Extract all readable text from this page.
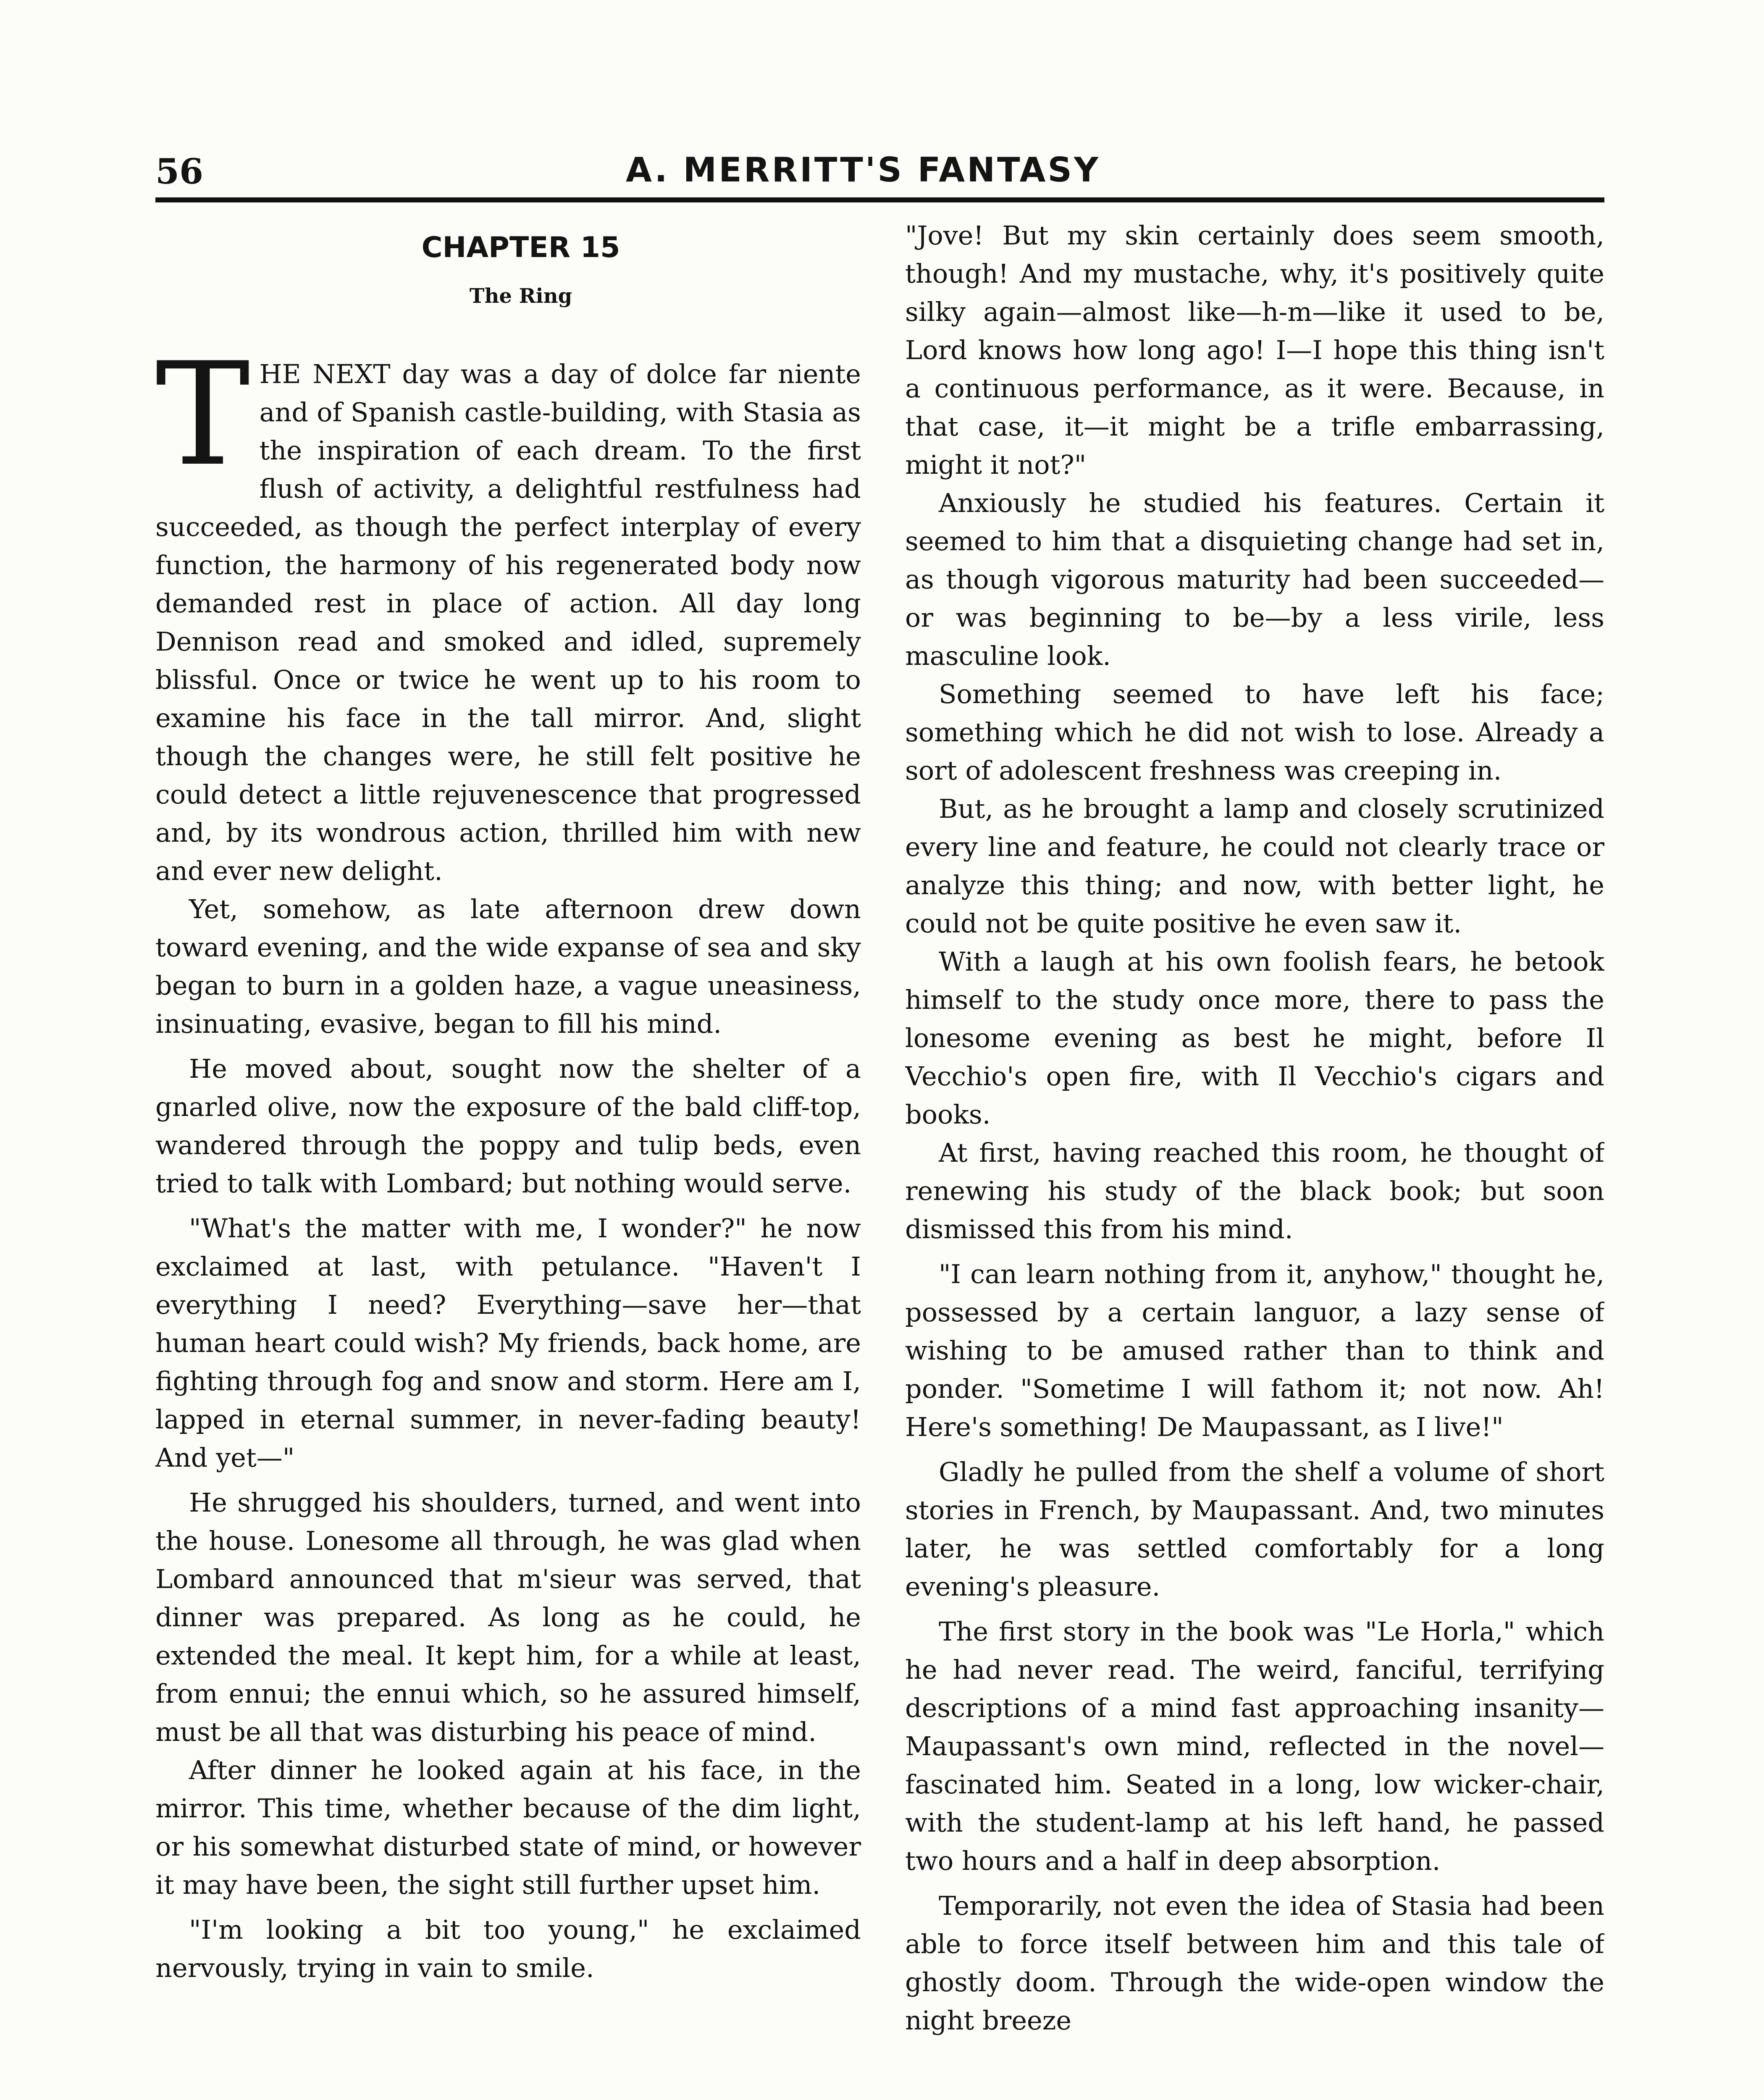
56	A. MERRITT'S FANTASY
CHAPTER 15
The Ring

THE NEXT day was a day of dolce far niente and of Spanish castle-building, with Stasia as the inspiration of each dream. To the first flush of activity, a delightful restfulness had succeeded, as though the perfect interplay of every function, the harmony of his regenerated body now demanded rest in place of action. All day long Dennison read and smoked and idled, supremely blissful. Once or twice he went up to his room to examine his face in the tall mirror. And, slight though the changes were, he still felt positive he could detect a little rejuvenescence that progressed and, by its wondrous action, thrilled him with new and ever new delight.

Yet, somehow, as late afternoon drew down toward evening, and the wide expanse of sea and sky began to burn in a golden haze, a vague uneasiness, insinuating, evasive, began to fill his mind.

He moved about, sought now the shelter of a gnarled olive, now the exposure of the bald cliff-top, wandered through the poppy and tulip beds, even tried to talk with Lombard; but nothing would serve.

"What's the matter with me, I wonder?" he now exclaimed at last, with petulance. "Haven't I everything I need? Everything—save her—that human heart could wish? My friends, back home, are fighting through fog and snow and storm. Here am I, lapped in eternal summer, in never-fading beauty! And yet—"

He shrugged his shoulders, turned, and went into the house. Lonesome all through, he was glad when Lombard announced that m'sieur was served, that dinner was prepared. As long as he could, he extended the meal. It kept him, for a while at least, from ennui; the ennui which, so he assured himself, must be all that was disturbing his peace of mind.

After dinner he looked again at his face, in the mirror. This time, whether because of the dim light, or his somewhat disturbed state of mind, or however it may have been, the sight still further upset him.

"I'm looking a bit too young," he exclaimed nervously, trying in vain to smile.

"Jove! But my skin certainly does seem smooth, though! And my mustache, why, it's positively quite silky again—almost like—h-m—like it used to be, Lord knows how long ago! I—I hope this thing isn't a continuous performance, as it were. Because, in that case, it—it might be a trifle embarrassing, might it not?"

Anxiously he studied his features. Certain it seemed to him that a disquieting change had set in, as though vigorous maturity had been succeeded—or was beginning to be—by a less virile, less masculine look.

Something seemed to have left his face; something which he did not wish to lose. Already a sort of adolescent freshness was creeping in.

But, as he brought a lamp and closely scrutinized every line and feature, he could not clearly trace or analyze this thing; and now, with better light, he could not be quite positive he even saw it.

With a laugh at his own foolish fears, he betook himself to the study once more, there to pass the lonesome evening as best he might, before Il Vecchio's open fire, with Il Vecchio's cigars and books.

At first, having reached this room, he thought of renewing his study of the black book; but soon dismissed this from his mind.

"I can learn nothing from it, anyhow," thought he, possessed by a certain languor, a lazy sense of wishing to be amused rather than to think and ponder. "Sometime I will fathom it; not now. Ah! Here's something! De Maupassant, as I live!"

Gladly he pulled from the shelf a volume of short stories in French, by Maupassant. And, two minutes later, he was settled comfortably for a long evening's pleasure.

The first story in the book was "Le Horla," which he had never read. The weird, fanciful, terrifying descriptions of a mind fast approaching insanity—Maupassant's own mind, reflected in the novel—fascinated him. Seated in a long, low wicker-chair, with the student-lamp at his left hand, he passed two hours and a half in deep absorption.

Temporarily, not even the idea of Stasia had been able to force itself between him and this tale of ghostly doom. Through the wide-open window the night breeze
